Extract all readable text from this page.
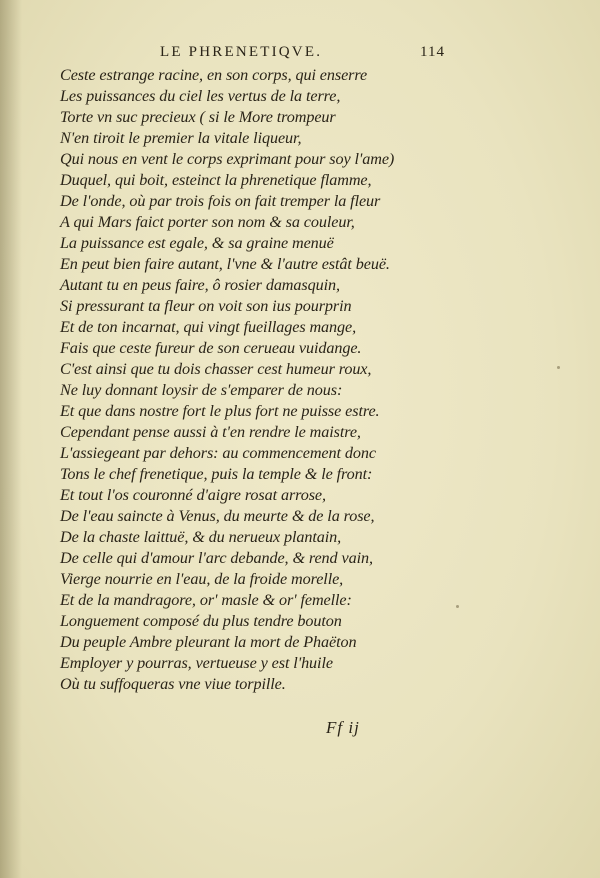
LE PHRENETIQVE.	114
Ceste estrange racine, en son corps, qui enserre
Les puissances du ciel les vertus de la terre,
Torte vn suc precieux ( si le More trompeur
N'en tiroit le premier la vitale liqueur,
Qui nous en vent le corps exprimant pour soy l'ame)
Duquel, qui boit, esteinct la phrenetique flamme,
De l'onde, où par trois fois on fait tremper la fleur
A qui Mars faict porter son nom & sa couleur,
La puissance est egale, & sa graine menuë
En peut bien faire autant, l'vne & l'autre estât beuë.
Autant tu en peus faire, ô rosier damasquin,
Si pressurant ta fleur on voit son ius pourprin
Et de ton incarnat, qui vingt fueillages mange,
Fais que ceste fureur de son cerueau vuidange.
C'est ainsi que tu dois chasser cest humeur roux,
Ne luy donnant loysir de s'emparer de nous:
Et que dans nostre fort le plus fort ne puisse estre.
Cependant pense aussi à t'en rendre le maistre,
L'assiegeant par dehors: au commencement donc
Tons le chef frenetique, puis la temple & le front:
Et tout l'os couronné d'aigre rosat arrose,
De l'eau saincte à Venus, du meurte & de la rose,
De la chaste laittuë, & du nerueux plantain,
De celle qui d'amour l'arc debande, & rend vain,
Vierge nourrie en l'eau, de la froide morelle,
Et de la mandragore, or' masle & or' femelle:
Longuement composé du plus tendre bouton
Du peuple Ambre pleurant la mort de Phaëton
Employer y pourras, vertueuse y est l'huile
Où tu suffoqueras vne viue torpille.
Ff ij
